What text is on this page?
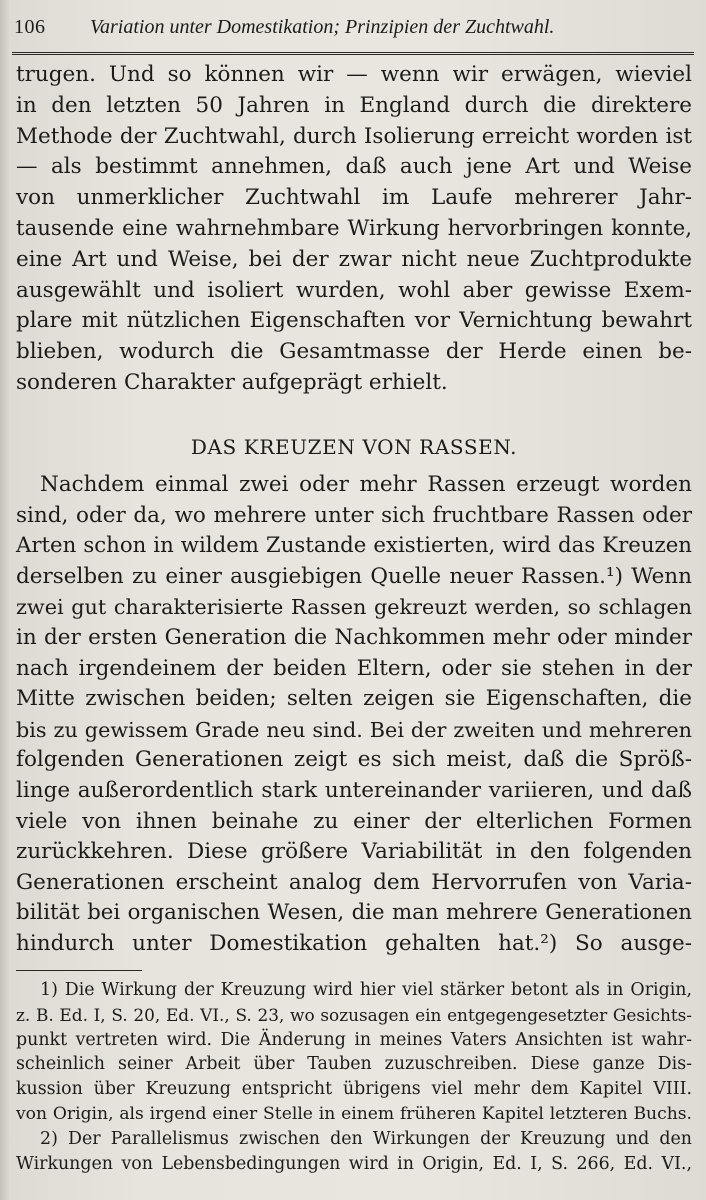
106 Variation unter Domestikation; Prinzipien der Zuchtwahl.
trugen. Und so können wir — wenn wir erwägen, wieviel
in den letzten 50 Jahren in England durch die direktere
Methode der Zuchtwahl, durch Isolierung erreicht worden ist
— als bestimmt annehmen, daß auch jene Art und Weise
von unmerklicher Zuchtwahl im Laufe mehrerer Jahr-
tausende eine wahrnehmbare Wirkung hervorbringen konnte,
eine Art und Weise, bei der zwar nicht neue Zuchtprodukte
ausgewählt und isoliert wurden, wohl aber gewisse Exem-
plare mit nützlichen Eigenschaften vor Vernichtung bewahrt
blieben, wodurch die Gesamtmasse der Herde einen be-
sonderen Charakter aufgeprägt erhielt.
DAS KREUZEN VON RASSEN.
Nachdem einmal zwei oder mehr Rassen erzeugt worden
sind, oder da, wo mehrere unter sich fruchtbare Rassen oder
Arten schon in wildem Zustande existierten, wird das Kreuzen
derselben zu einer ausgiebigen Quelle neuer Rassen.¹) Wenn
zwei gut charakterisierte Rassen gekreuzt werden, so schlagen
in der ersten Generation die Nachkommen mehr oder minder
nach irgendeinem der beiden Eltern, oder sie stehen in der
Mitte zwischen beiden; selten zeigen sie Eigenschaften, die
bis zu gewissem Grade neu sind. Bei der zweiten und mehreren
folgenden Generationen zeigt es sich meist, daß die Spröß-
linge außerordentlich stark untereinander variieren, und daß
viele von ihnen beinahe zu einer der elterlichen Formen
zurückkehren. Diese größere Variabilität in den folgenden
Generationen erscheint analog dem Hervorrufen von Varia-
bilität bei organischen Wesen, die man mehrere Generationen
hindurch unter Domestikation gehalten hat.²) So ausge-
1) Die Wirkung der Kreuzung wird hier viel stärker betont als in Origin,
z. B. Ed. I, S. 20, Ed. VI., S. 23, wo sozusagen ein entgegengesetzter Gesichts-
punkt vertreten wird. Die Änderung in meines Vaters Ansichten ist wahr-
scheinlich seiner Arbeit über Tauben zuzuschreiben. Diese ganze Dis-
kussion über Kreuzung entspricht übrigens viel mehr dem Kapitel VIII.
von Origin, als irgend einer Stelle in einem früheren Kapitel letzteren Buchs.
2) Der Parallelismus zwischen den Wirkungen der Kreuzung und den
Wirkungen von Lebensbedingungen wird in Origin, Ed. I, S. 266, Ed. VI.,
